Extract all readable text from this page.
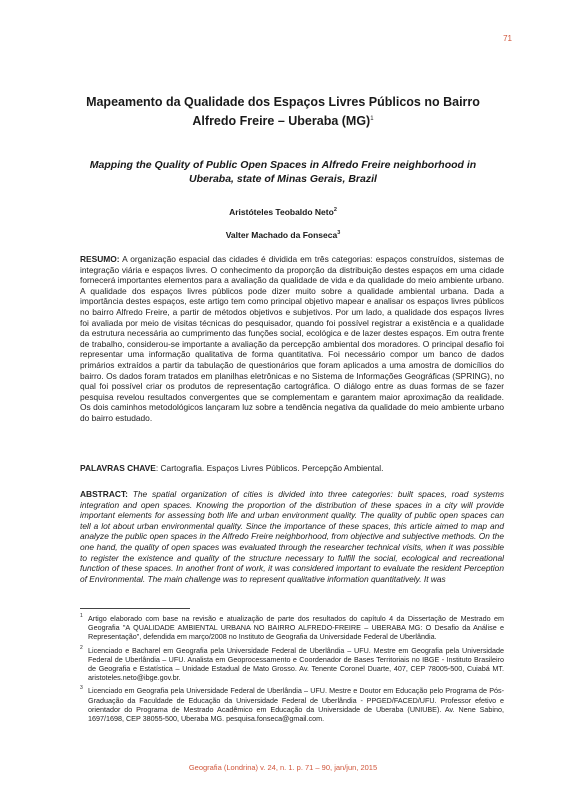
71
Mapeamento da Qualidade dos Espaços Livres Públicos no Bairro Alfredo Freire – Uberaba (MG)$^1$
Mapping the Quality of Public Open Spaces in Alfredo Freire neighborhood in Uberaba, state of Minas Gerais, Brazil
Aristóteles Teobaldo Neto$^2$
Valter Machado da Fonseca$^3$
RESUMO: A organização espacial das cidades é dividida em três categorias: espaços construídos, sistemas de integração viária e espaços livres. O conhecimento da proporção da distribuição destes espaços em uma cidade fornecerá importantes elementos para a avaliação da qualidade de vida e da qualidade do meio ambiente urbano. A qualidade dos espaços livres públicos pode dizer muito sobre a qualidade ambiental urbana. Dada a importância destes espaços, este artigo tem como principal objetivo mapear e analisar os espaços livres públicos no bairro Alfredo Freire, a partir de métodos objetivos e subjetivos. Por um lado, a qualidade dos espaços livres foi avaliada por meio de visitas técnicas do pesquisador, quando foi possível registrar a existência e a qualidade da estrutura necessária ao cumprimento das funções social, ecológica e de lazer destes espaços. Em outra frente de trabalho, considerou-se importante a avaliação da percepção ambiental dos moradores. O principal desafio foi representar uma informação qualitativa de forma quantitativa. Foi necessário compor um banco de dados primários extraídos a partir da tabulação de questionários que foram aplicados a uma amostra de domicílios do bairro. Os dados foram tratados em planilhas eletrônicas e no Sistema de Informações Geográficas (SPRING), no qual foi possível criar os produtos de representação cartográfica. O diálogo entre as duas formas de se fazer pesquisa revelou resultados convergentes que se complementam e garantem maior aproximação da realidade. Os dois caminhos metodológicos lançaram luz sobre a tendência negativa da qualidade do meio ambiente urbano do bairro estudado.
PALAVRAS CHAVE: Cartografia. Espaços Livres Públicos. Percepção Ambiental.
ABSTRACT: The spatial organization of cities is divided into three categories: built spaces, road systems integration and open spaces. Knowing the proportion of the distribution of these spaces in a city will provide important elements for assessing both life and urban environment quality. The quality of public open spaces can tell a lot about urban environmental quality. Since the importance of these spaces, this article aimed to map and analyze the public open spaces in the Alfredo Freire neighborhood, from objective and subjective methods. On the one hand, the quality of open spaces was evaluated through the researcher technical visits, when it was possible to register the existence and quality of the structure necessary to fulfill the social, ecological and recreational function of these spaces. In another front of work, it was considered important to evaluate the resident Perception of Environmental. The main challenge was to represent qualitative information quantitatively. It was
1 Artigo elaborado com base na revisão e atualização de parte dos resultados do capítulo 4 da Dissertação de Mestrado em Geografia "A QUALIDADE AMBIENTAL URBANA NO BAIRRO ALFREDO-FREIRE – UBERABA MG: O Desafio da Análise e Representação", defendida em março/2008 no Instituto de Geografia da Universidade Federal de Uberlândia.
2 Licenciado e Bacharel em Geografia pela Universidade Federal de Uberlândia – UFU. Mestre em Geografia pela Universidade Federal de Uberlândia – UFU. Analista em Geoprocessamento e Coordenador de Bases Territoriais no IBGE - Instituto Brasileiro de Geografia e Estatística – Unidade Estadual de Mato Grosso. Av. Tenente Coronel Duarte, 407, CEP 78005-500, Cuiabá MT. aristoteles.neto@ibge.gov.br.
3 Licenciado em Geografia pela Universidade Federal de Uberlândia – UFU. Mestre e Doutor em Educação pelo Programa de Pós-Graduação da Faculdade de Educação da Universidade Federal de Uberlândia - PPGED/FACED/UFU. Professor efetivo e orientador do Programa de Mestrado Acadêmico em Educação da Universidade de Uberaba (UNIUBE). Av. Nene Sabino, 1697/1698, CEP 38055-500, Uberaba MG. pesquisa.fonseca@gmail.com.
Geografia (Londrina) v. 24, n. 1. p. 71 – 90, jan/jun, 2015
